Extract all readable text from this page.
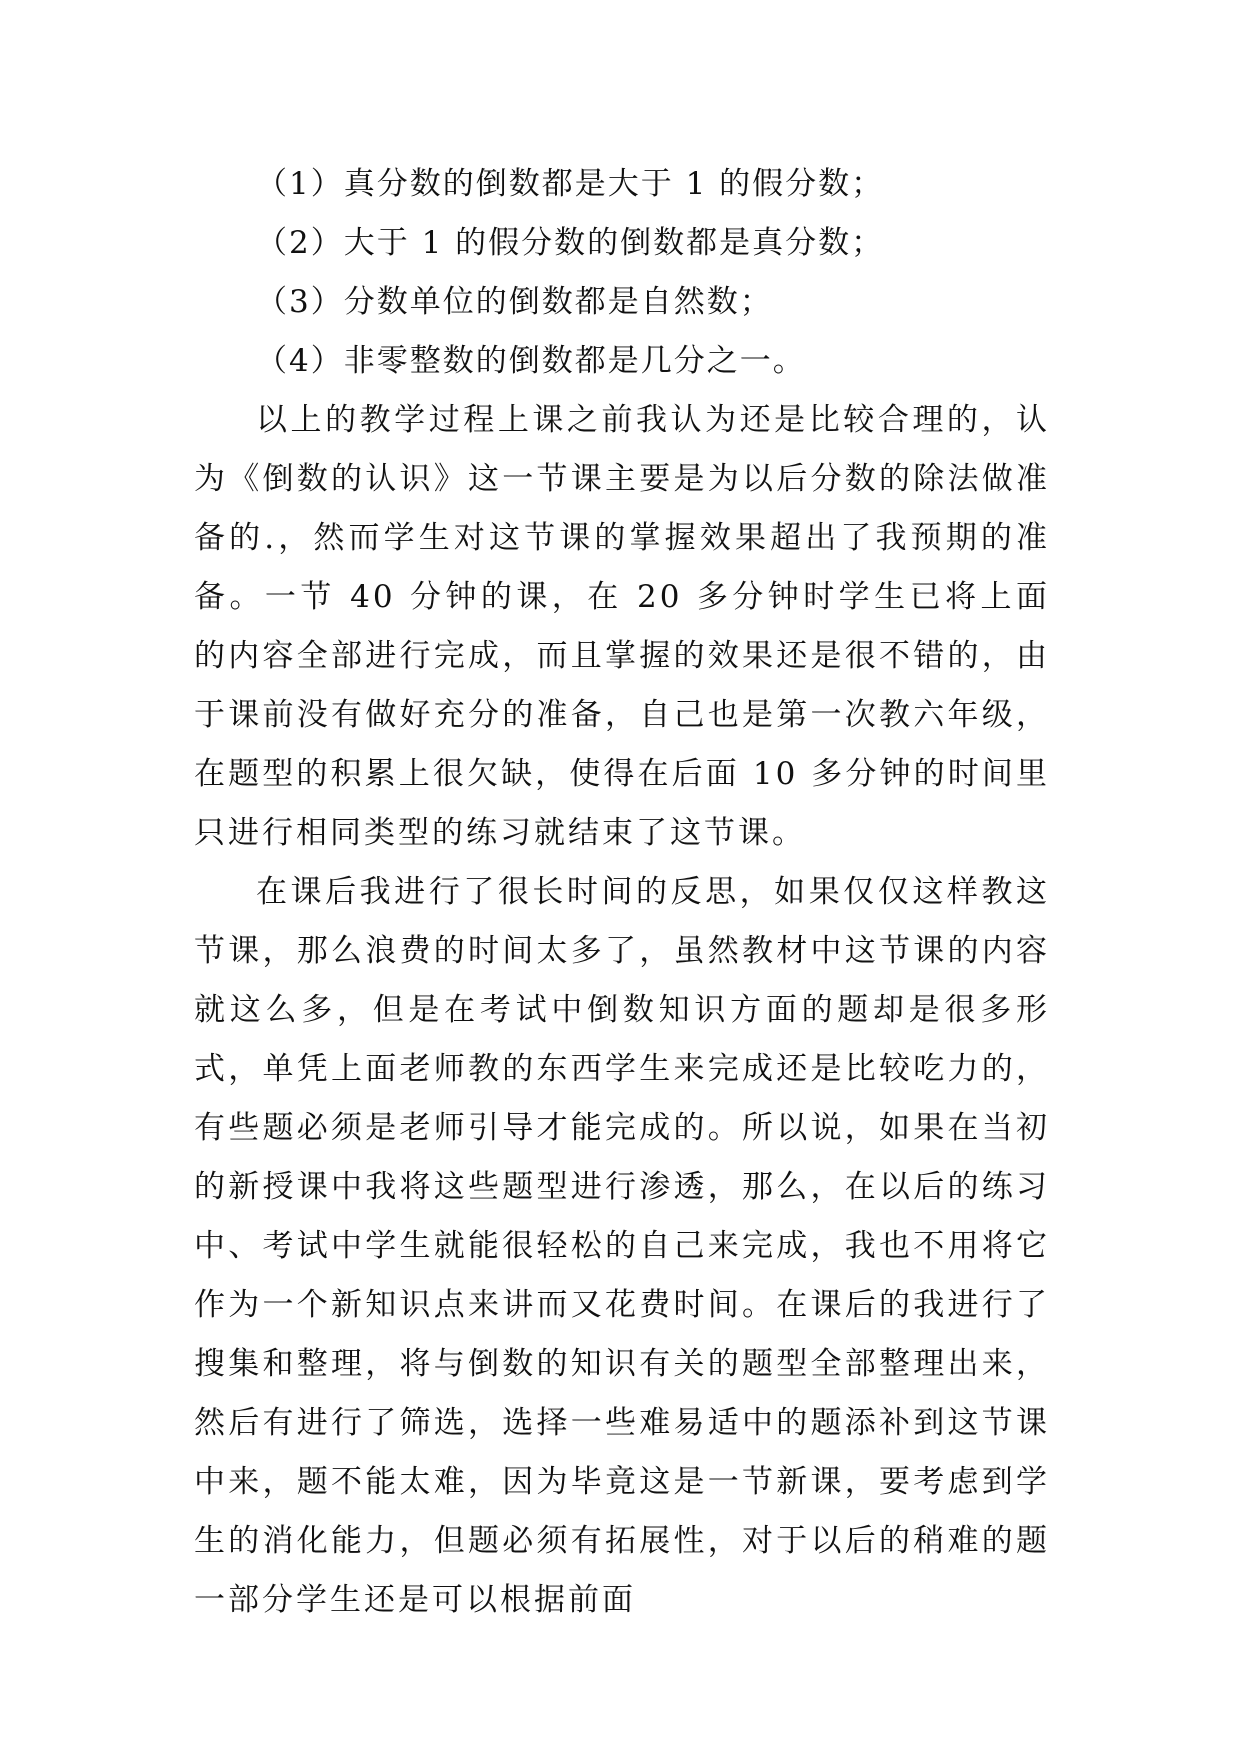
（1）真分数的倒数都是大于 1 的假分数；

（2）大于 1 的假分数的倒数都是真分数；

（3）分数单位的倒数都是自然数；

（4）非零整数的倒数都是几分之一。

以上的教学过程上课之前我认为还是比较合理的，认为《倒数的认识》这一节课主要是为以后分数的除法做准备的.，然而学生对这节课的掌握效果超出了我预期的准备。一节 40 分钟的课，在 20 多分钟时学生已将上面的内容全部进行完成，而且掌握的效果还是很不错的，由于课前没有做好充分的准备，自己也是第一次教六年级，在题型的积累上很欠缺，使得在后面 10 多分钟的时间里只进行相同类型的练习就结束了这节课。

在课后我进行了很长时间的反思，如果仅仅这样教这节课，那么浪费的时间太多了，虽然教材中这节课的内容就这么多，但是在考试中倒数知识方面的题却是很多形式，单凭上面老师教的东西学生来完成还是比较吃力的，有些题必须是老师引导才能完成的。所以说，如果在当初的新授课中我将这些题型进行渗透，那么，在以后的练习中、考试中学生就能很轻松的自己来完成，我也不用将它作为一个新知识点来讲而又花费时间。在课后的我进行了搜集和整理，将与倒数的知识有关的题型全部整理出来，然后有进行了筛选，选择一些难易适中的题添补到这节课中来，题不能太难，因为毕竟这是一节新课，要考虑到学生的消化能力，但题必须有拓展性，对于以后的稍难的题一部分学生还是可以根据前面
